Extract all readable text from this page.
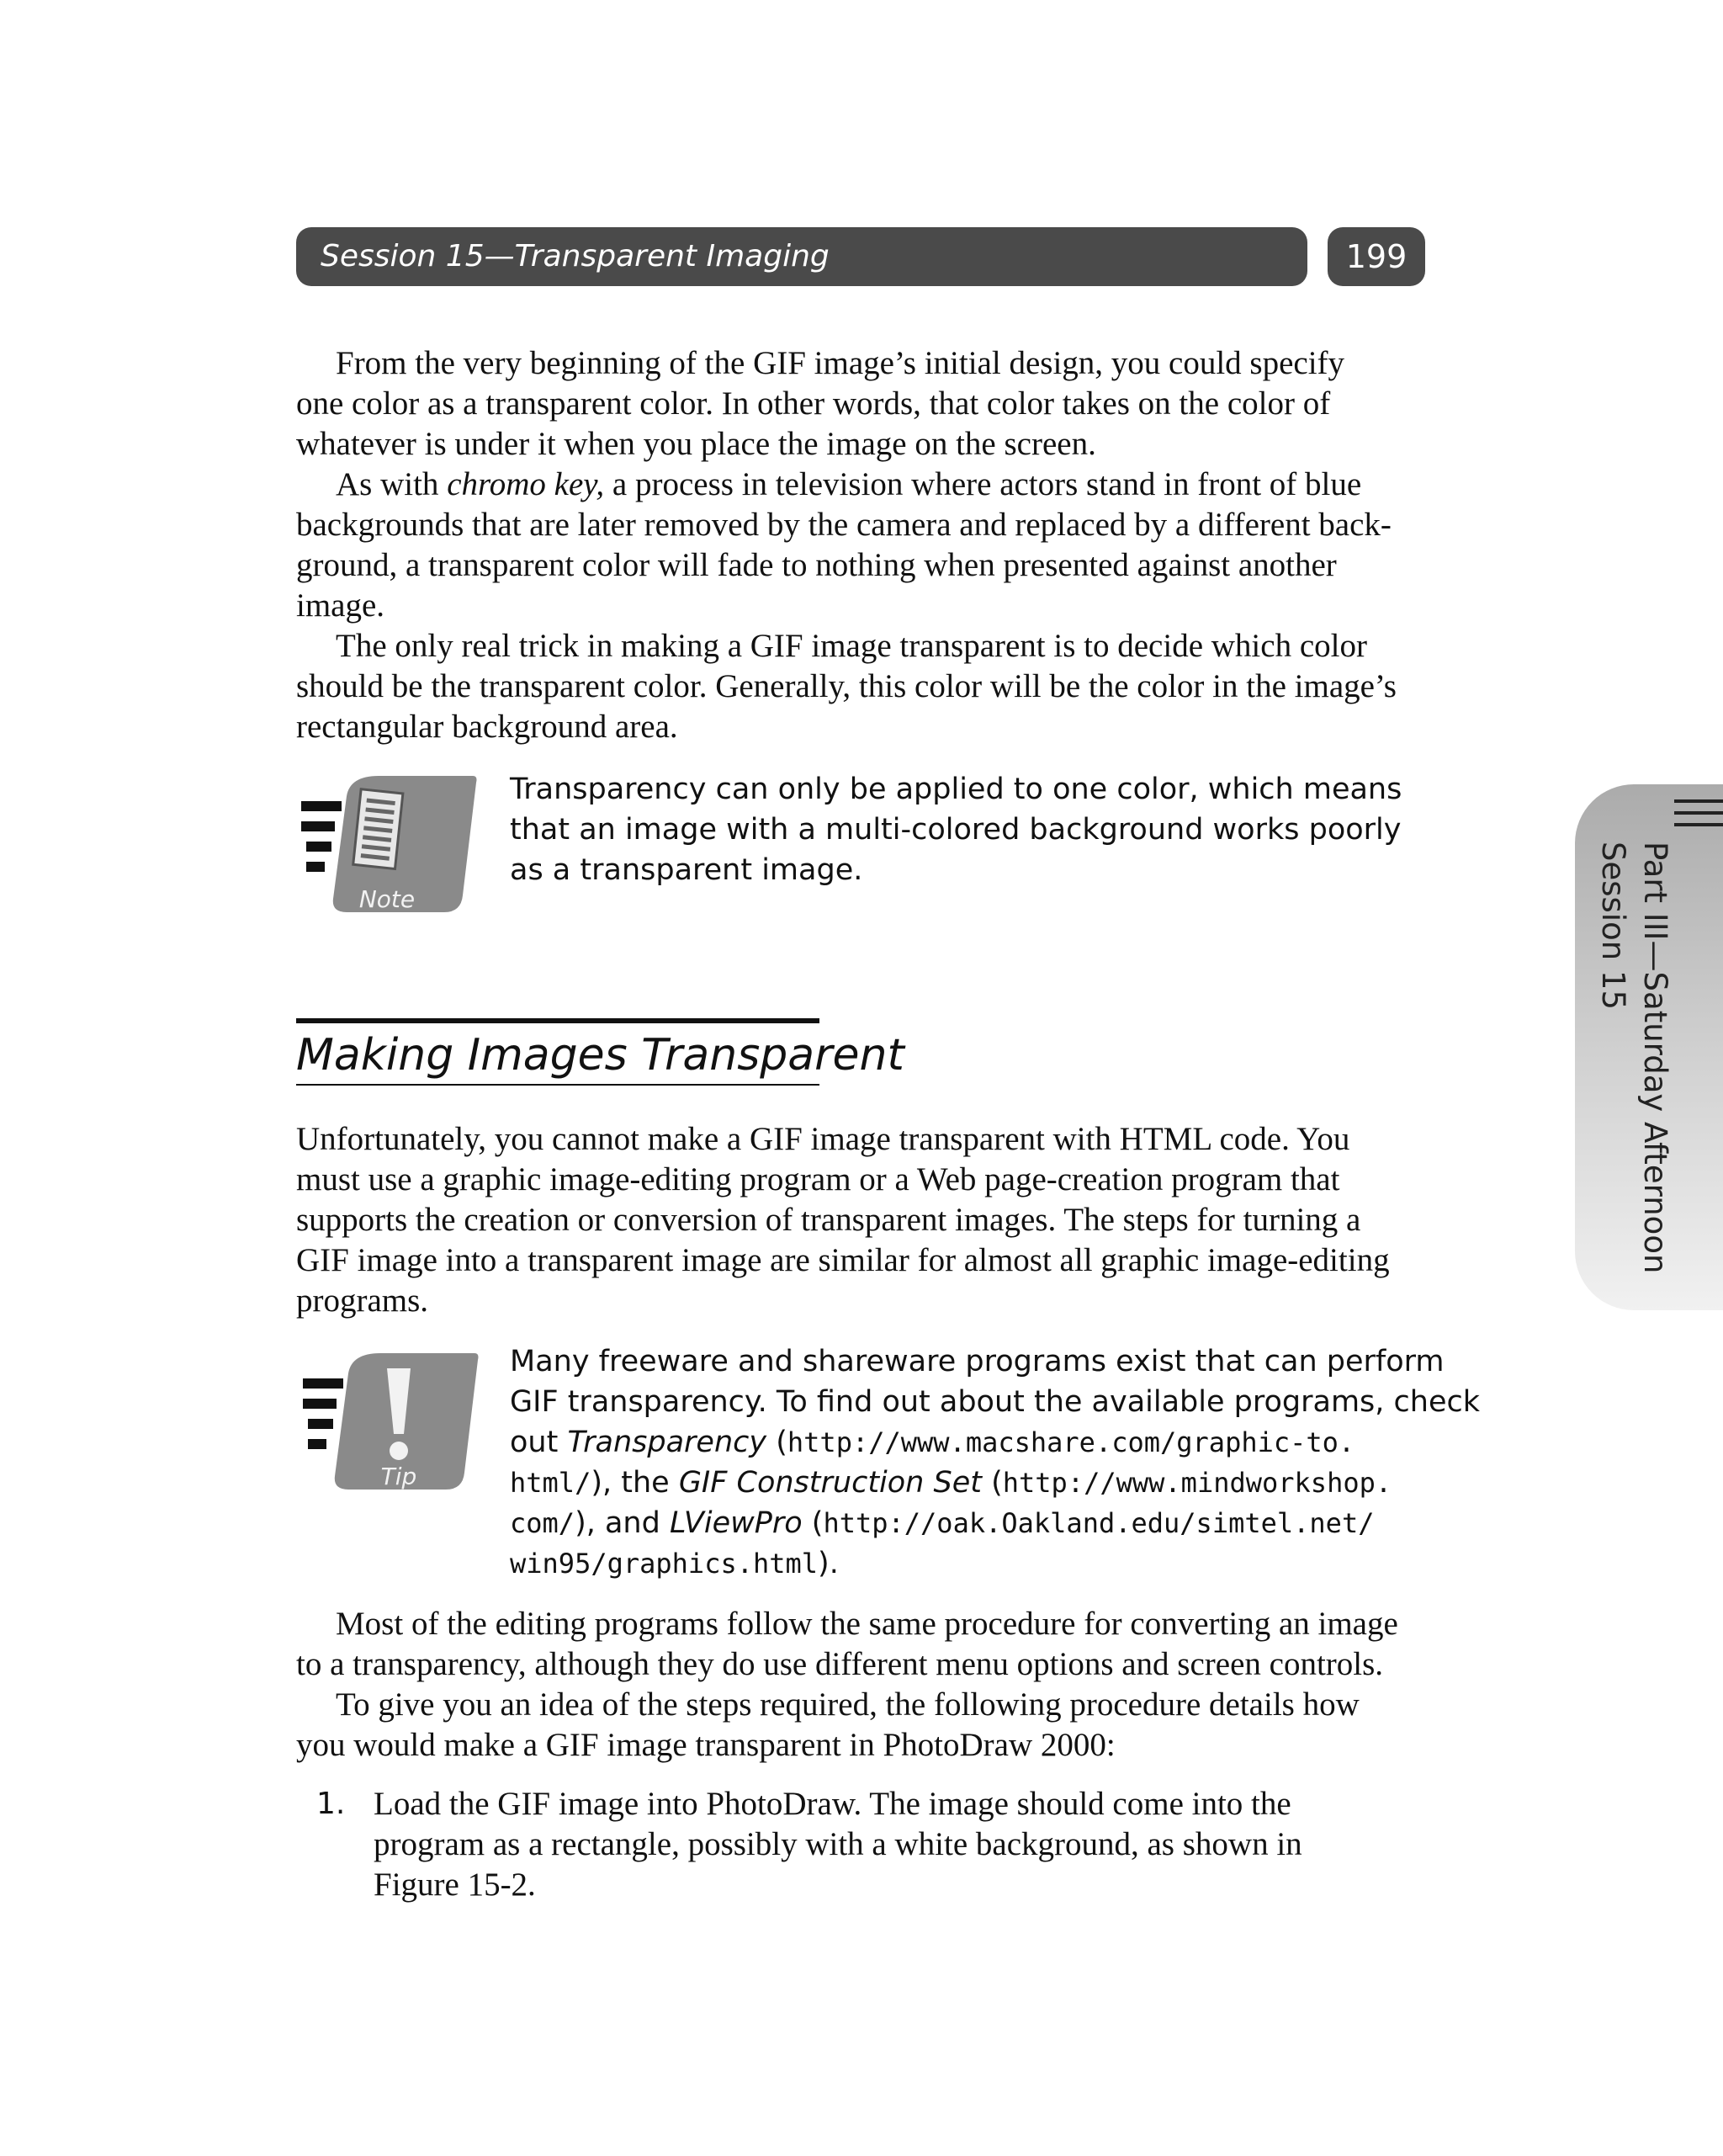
Session 15—Transparent Imaging	199
From the very beginning of the GIF image’s initial design, you could specify
one color as a transparent color. In other words, that color takes on the color of
whatever is under it when you place the image on the screen.
As with chromo key, a process in television where actors stand in front of blue
backgrounds that are later removed by the camera and replaced by a different back-
ground, a transparent color will fade to nothing when presented against another
image.
The only real trick in making a GIF image transparent is to decide which color
should be the transparent color. Generally, this color will be the color in the image’s
rectangular background area.
Note
Transparency can only be applied to one color, which means
that an image with a multi-colored background works poorly
as a transparent image.
Making Images Transparent
Unfortunately, you cannot make a GIF image transparent with HTML code. You
must use a graphic image-editing program or a Web page-creation program that
supports the creation or conversion of transparent images. The steps for turning a
GIF image into a transparent image are similar for almost all graphic image-editing
programs.
Tip
Many freeware and shareware programs exist that can perform
GIF transparency. To find out about the available programs, check
out Transparency (http://www.macshare.com/graphic-to.
html/), the GIF Construction Set (http://www.mindworkshop.
com/), and LViewPro (http://oak.Oakland.edu/simtel.net/
win95/graphics.html).
Most of the editing programs follow the same procedure for converting an image
to a transparency, although they do use different menu options and screen controls.
To give you an idea of the steps required, the following procedure details how
you would make a GIF image transparent in PhotoDraw 2000:
1. Load the GIF image into PhotoDraw. The image should come into the
program as a rectangle, possibly with a white background, as shown in
Figure 15-2.
Part III—Saturday Afternoon
Session 15
